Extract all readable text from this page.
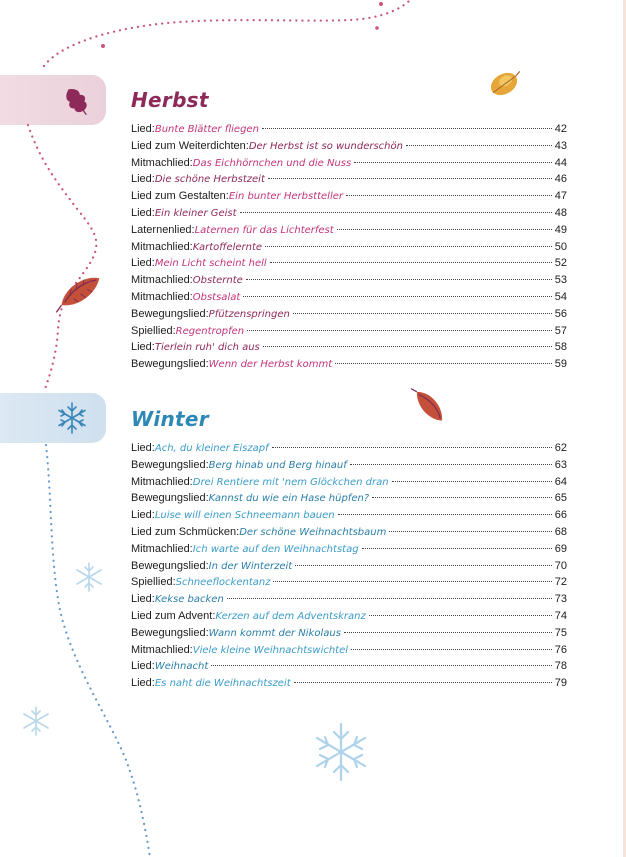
Herbst
Lied: Bunte Blätter fliegen	42
Lied zum Weiterdichten: Der Herbst ist so wunderschön	43
Mitmachlied: Das Eichhörnchen und die Nuss	44
Lied: Die schöne Herbstzeit	46
Lied zum Gestalten: Ein bunter Herbstteller	47
Lied: Ein kleiner Geist	48
Laternenlied: Laternen für das Lichterfest	49
Mitmachlied: Kartoffelernte	50
Lied: Mein Licht scheint hell	52
Mitmachlied: Obsternte	53
Mitmachlied: Obstsalat	54
Bewegungslied: Pfützenspringen	56
Spiellied: Regentropfen	57
Lied: Tierlein ruh' dich aus	58
Bewegungslied: Wenn der Herbst kommt	59
Winter
Lied: Ach, du kleiner Eiszapf	62
Bewegungslied: Berg hinab und Berg hinauf	63
Mitmachlied: Drei Rentiere mit 'nem Glöckchen dran	64
Bewegungslied: Kannst du wie ein Hase hüpfen?	65
Lied: Luise will einen Schneemann bauen	66
Lied zum Schmücken: Der schöne Weihnachtsbaum	68
Mitmachlied: Ich warte auf den Weihnachtstag	69
Bewegungslied: In der Winterzeit	70
Spiellied: Schneeflockentanz	72
Lied: Kekse backen	73
Lied zum Advent: Kerzen auf dem Adventskranz	74
Bewegungslied: Wann kommt der Nikolaus	75
Mitmachlied: Viele kleine Weihnachtswichtel	76
Lied: Weihnacht	78
Lied: Es naht die Weihnachtszeit	79
